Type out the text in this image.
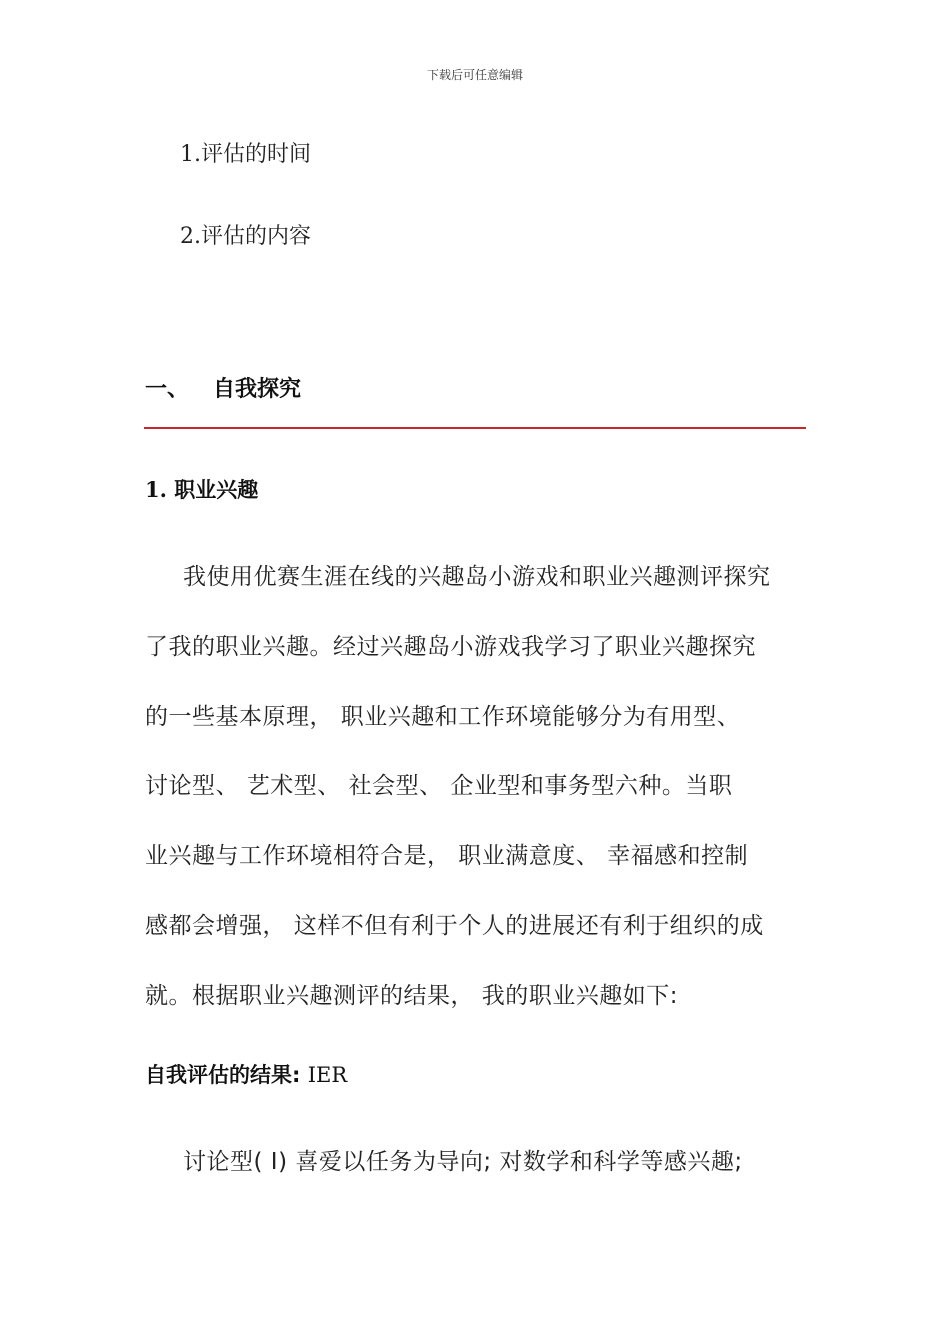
下载后可任意编辑
1.评估的时间
2.评估的内容
一、 自我探究
1. 职业兴趣
我使用优赛生涯在线的兴趣岛小游戏和职业兴趣测评探究
了我的职业兴趣。经过兴趣岛小游戏我学习了职业兴趣探究
的一些基本原理， 职业兴趣和工作环境能够分为有用型、
讨论型、 艺术型、 社会型、 企业型和事务型六种。当职
业兴趣与工作环境相符合是， 职业满意度、 幸福感和控制
感都会增强， 这样不但有利于个人的进展还有利于组织的成
就。根据职业兴趣测评的结果， 我的职业兴趣如下:
自我评估的结果: IER
讨论型( I) 喜爱以任务为导向; 对数学和科学等感兴趣;
